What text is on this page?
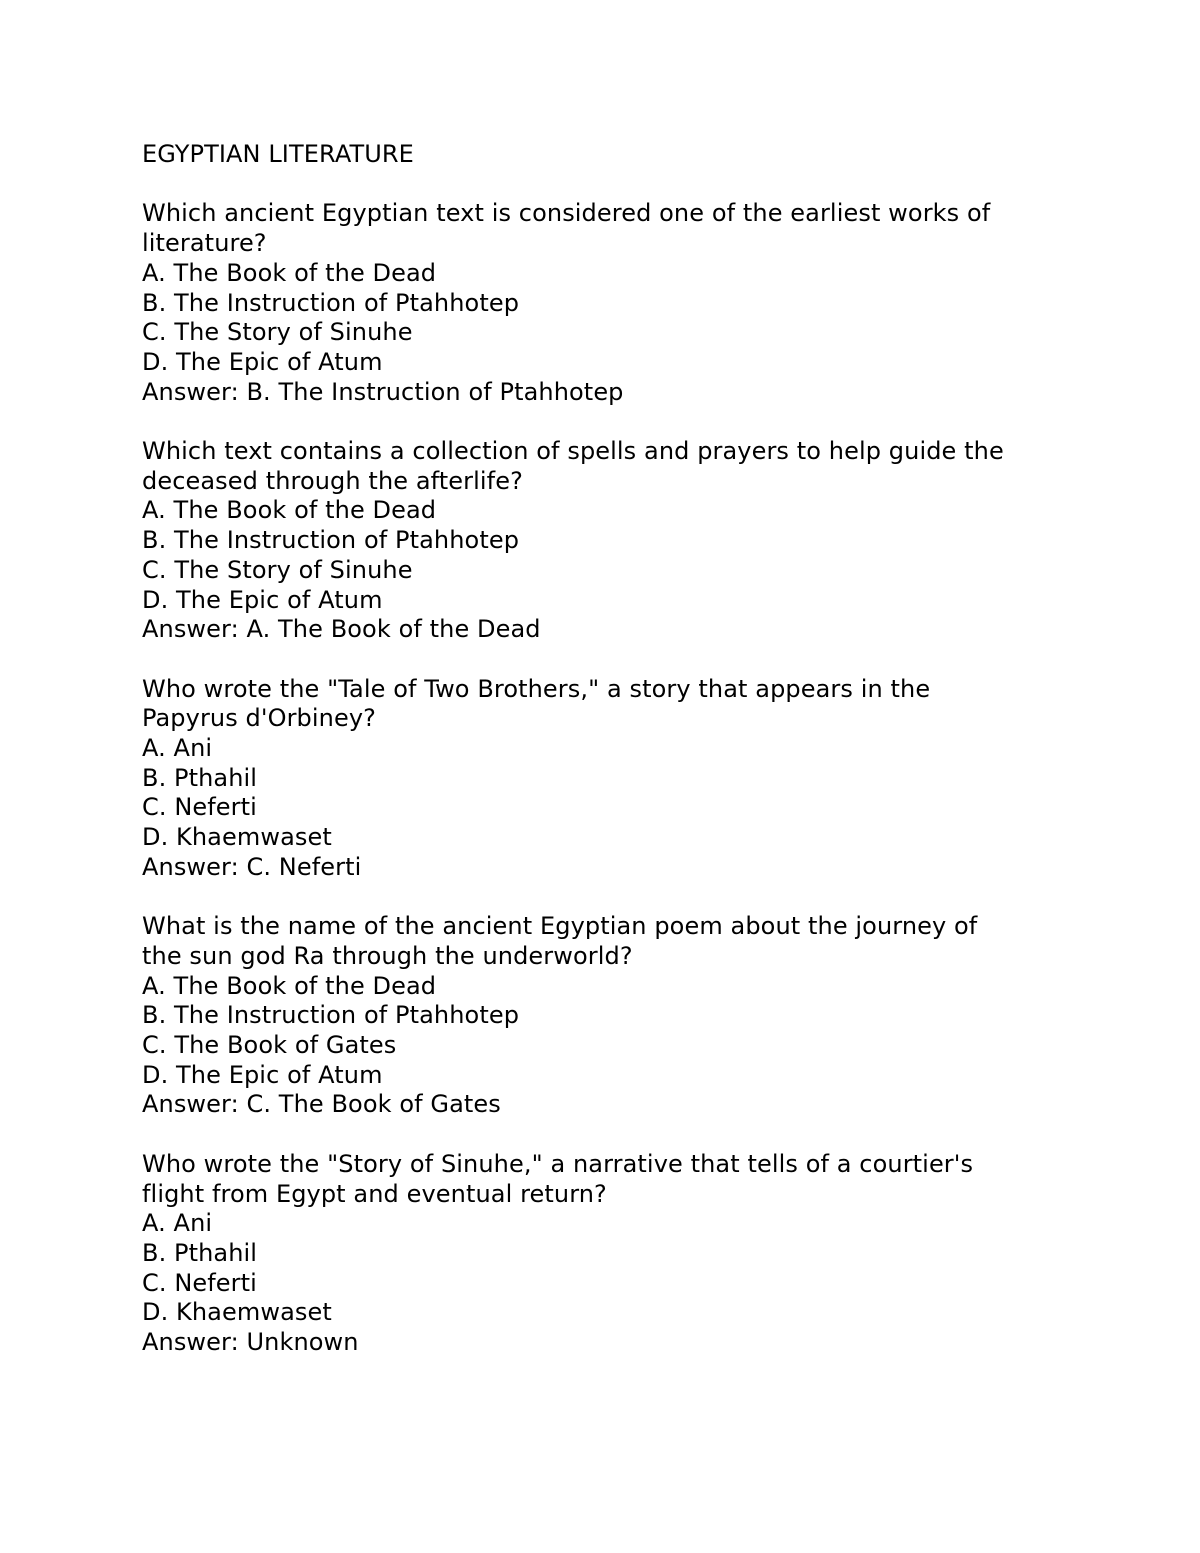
EGYPTIAN LITERATURE
Which ancient Egyptian text is considered one of the earliest works of
literature?
A. The Book of the Dead
B. The Instruction of Ptahhotep
C. The Story of Sinuhe
D. The Epic of Atum
Answer: B. The Instruction of Ptahhotep
Which text contains a collection of spells and prayers to help guide the
deceased through the afterlife?
A. The Book of the Dead
B. The Instruction of Ptahhotep
C. The Story of Sinuhe
D. The Epic of Atum
Answer: A. The Book of the Dead
Who wrote the "Tale of Two Brothers," a story that appears in the
Papyrus d'Orbiney?
A. Ani
B. Pthahil
C. Neferti
D. Khaemwaset
Answer: C. Neferti
What is the name of the ancient Egyptian poem about the journey of
the sun god Ra through the underworld?
A. The Book of the Dead
B. The Instruction of Ptahhotep
C. The Book of Gates
D. The Epic of Atum
Answer: C. The Book of Gates
Who wrote the "Story of Sinuhe," a narrative that tells of a courtier's
flight from Egypt and eventual return?
A. Ani
B. Pthahil
C. Neferti
D. Khaemwaset
Answer: Unknown
